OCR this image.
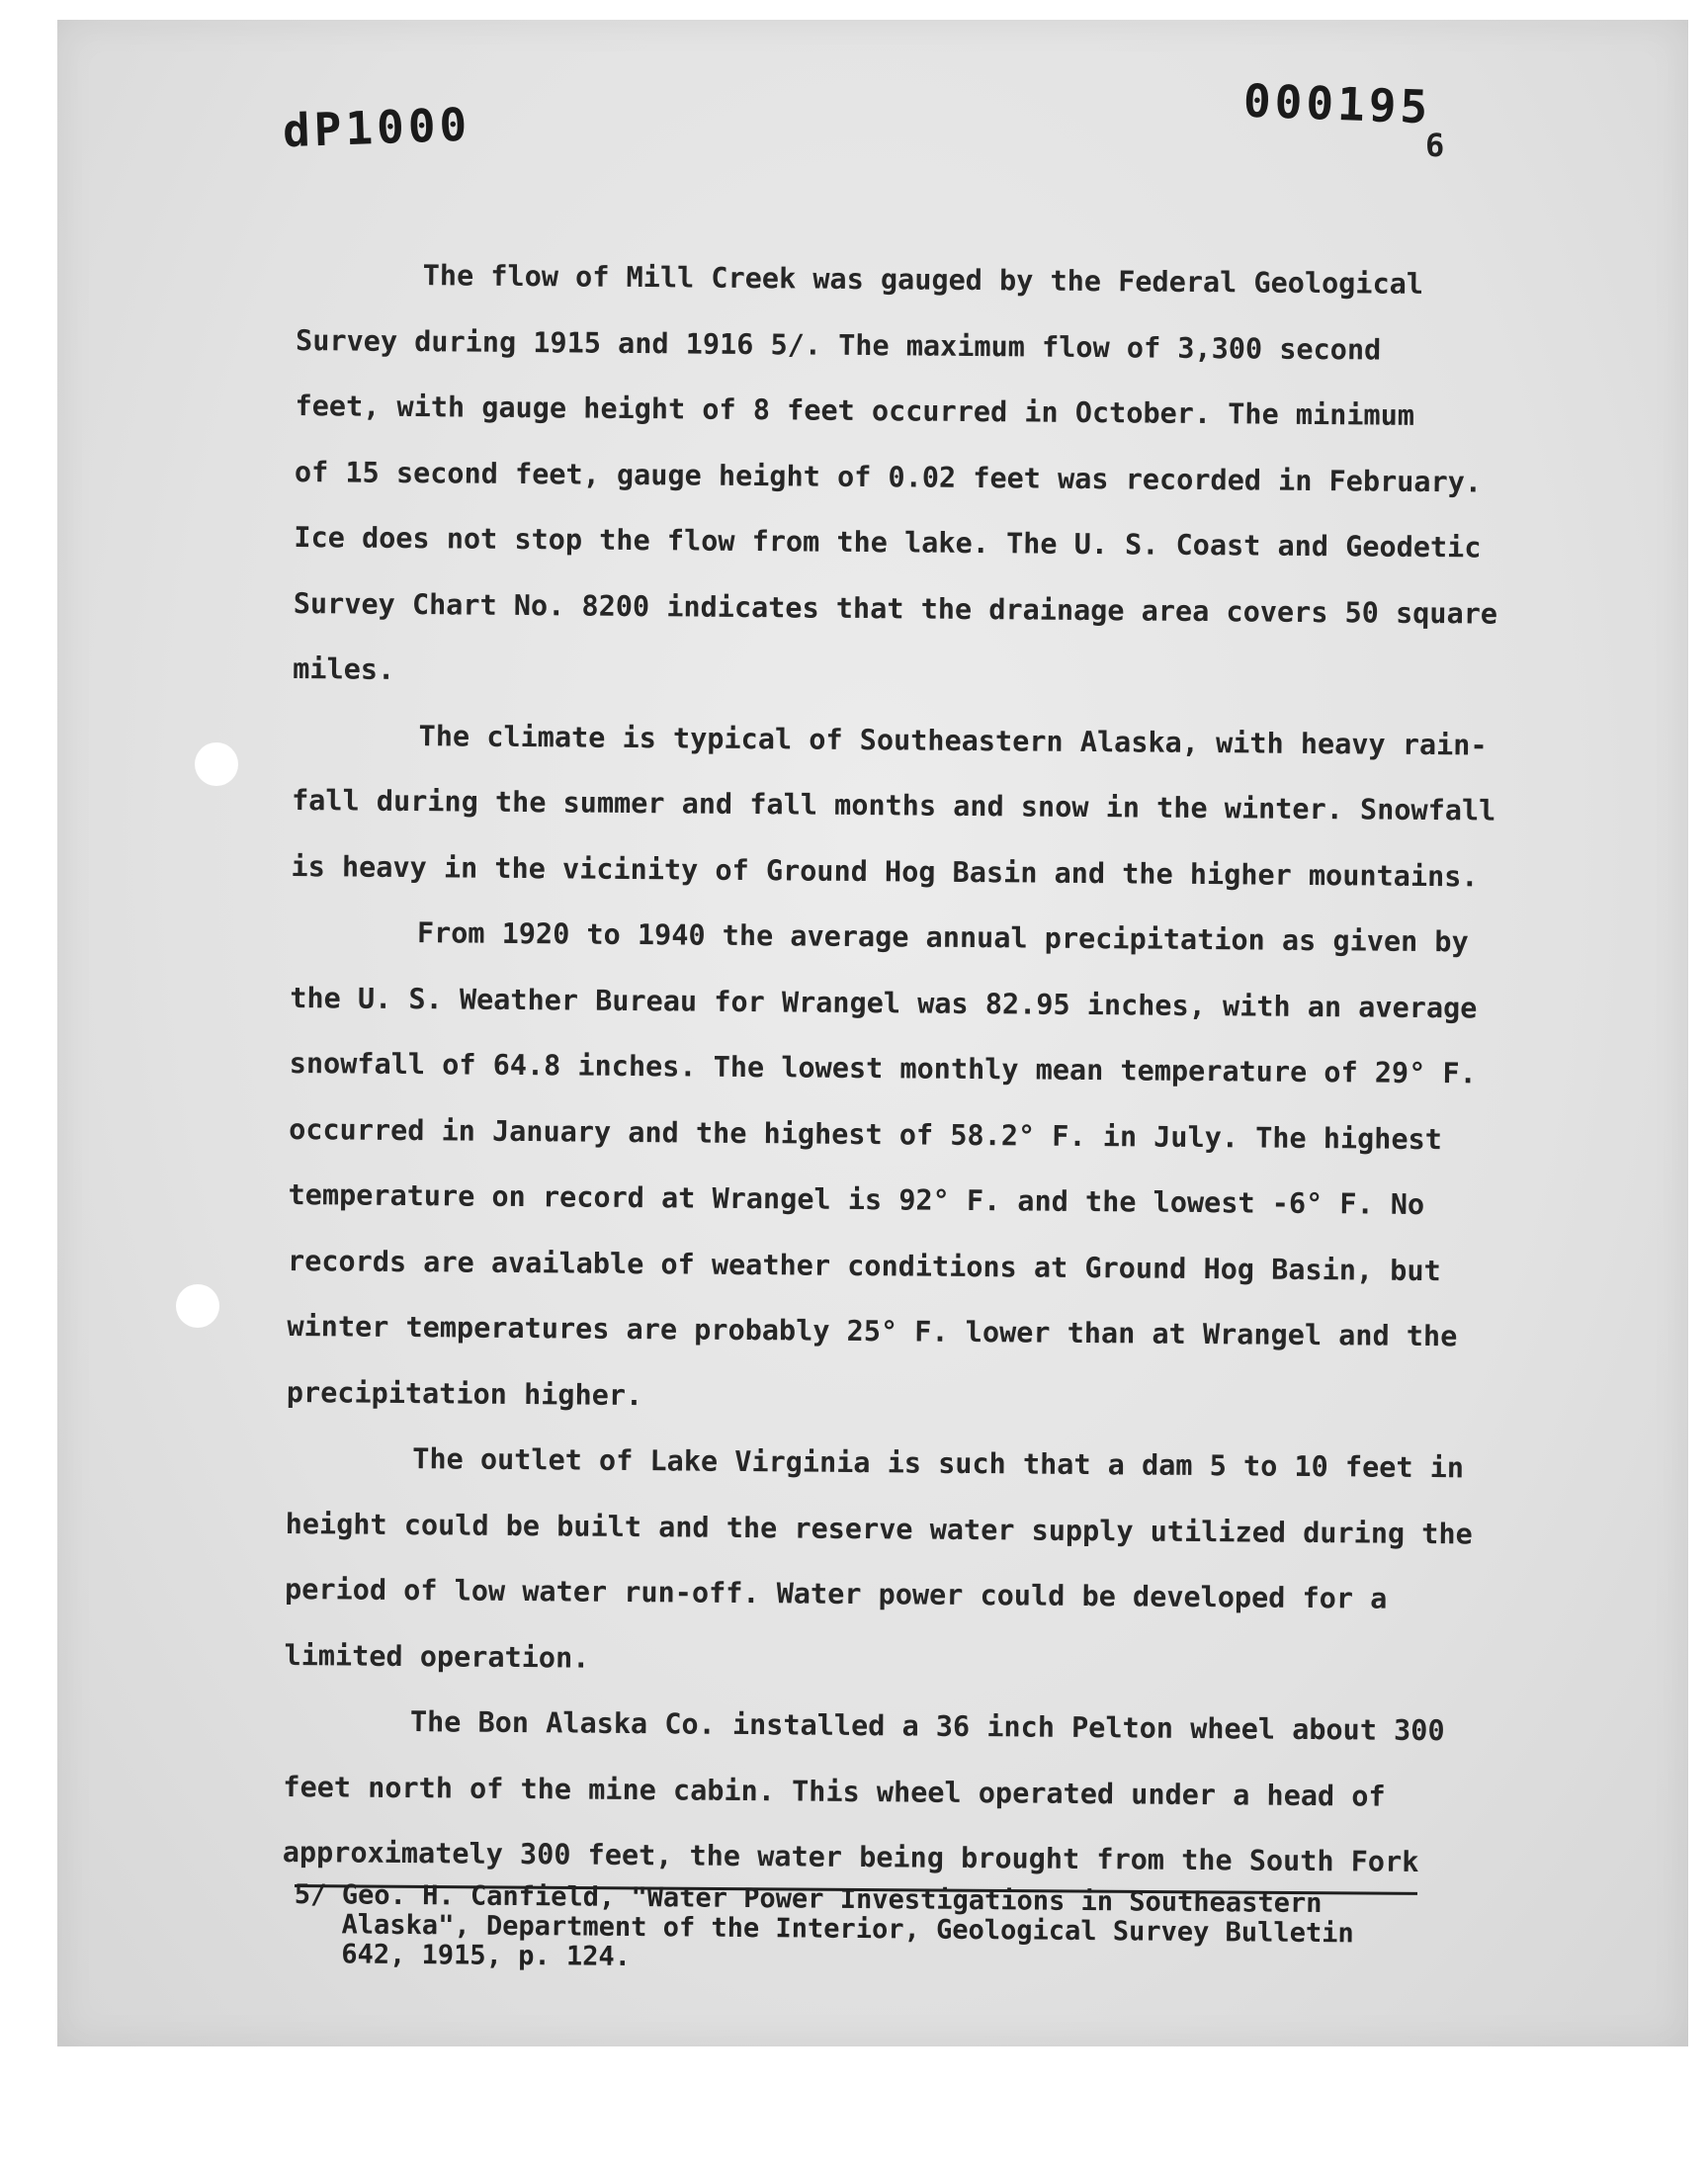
dP1000	000195
6
The flow of Mill Creek was gauged by the Federal Geological
Survey during 1915 and 1916 5/. The maximum flow of 3,300 second
feet, with gauge height of 8 feet occurred in October. The minimum
of 15 second feet, gauge height of 0.02 feet was recorded in February.
Ice does not stop the flow from the lake. The U. S. Coast and Geodetic
Survey Chart No. 8200 indicates that the drainage area covers 50 square
miles.
The climate is typical of Southeastern Alaska, with heavy rain-
fall during the summer and fall months and snow in the winter. Snowfall
is heavy in the vicinity of Ground Hog Basin and the higher mountains.
From 1920 to 1940 the average annual precipitation as given by
the U. S. Weather Bureau for Wrangel was 82.95 inches, with an average
snowfall of 64.8 inches. The lowest monthly mean temperature of 29° F.
occurred in January and the highest of 58.2° F. in July. The highest
temperature on record at Wrangel is 92° F. and the lowest -6° F. No
records are available of weather conditions at Ground Hog Basin, but
winter temperatures are probably 25° F. lower than at Wrangel and the
precipitation higher.
The outlet of Lake Virginia is such that a dam 5 to 10 feet in
height could be built and the reserve water supply utilized during the
period of low water run-off. Water power could be developed for a
limited operation.
The Bon Alaska Co. installed a 36 inch Pelton wheel about 300
feet north of the mine cabin. This wheel operated under a head of
approximately 300 feet, the water being brought from the South Fork
5/ Geo. H. Canfield, "Water Power Investigations in Southeastern
Alaska", Department of the Interior, Geological Survey Bulletin
642, 1915, p. 124.
